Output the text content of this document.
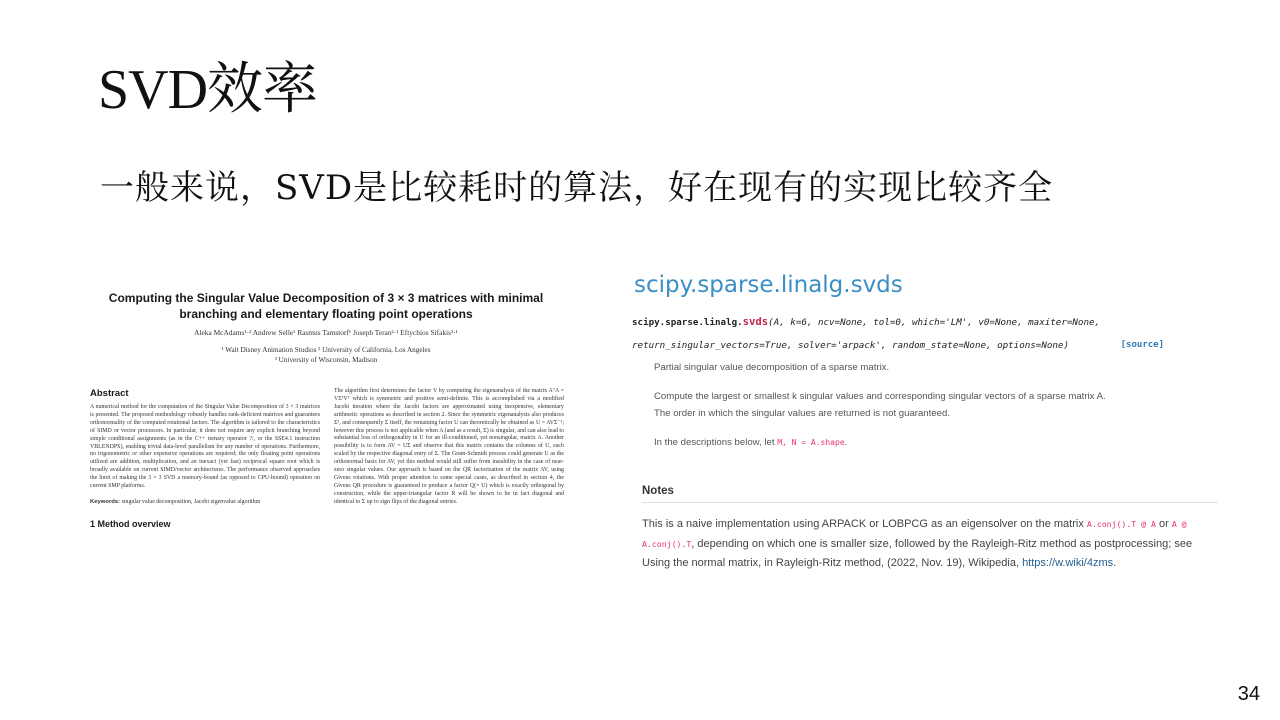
SVD效率

一般来说，SVD是比较耗时的算法，好在现有的实现比较齐全

Computing the Singular Value Decomposition of 3 × 3 matrices with minimal
branching and elementary floating point operations
Aleka McAdams¹·² Andrew Selle¹ Rasmus Tamstorf¹ Joseph Teran²·¹ Eftychios Sifakis³·¹
¹ Walt Disney Animation Studios ² University of California, Los Angeles
³ University of Wisconsin, Madison
Abstract

A numerical method for the computation of the Singular Value Decomposition of 3 × 3 matrices is presented. The proposed methodology robustly handles rank-deficient matrices and guarantees orthonormality of the computed rotational factors. The algorithm is tailored to the characteristics of SIMD or vector processors. In particular, it does not require any explicit branching beyond simple conditional assignments (as in the C++ ternary operator ?:, or the SSE4.1 instruction VBLENDPS), enabling trivial data-level parallelism for any number of operations. Furthermore, no trigonometric or other expensive operations are required; the only floating point operations utilized are addition, multiplication, and an inexact (yet fast) reciprocal square root which is broadly available on current SIMD/vector architectures. The performance observed approaches the limit of making the 3 × 3 SVD a memory-bound (as opposed to CPU-bound) operation on current SMP platforms.

Keywords: singular value decomposition, Jacobi eigenvalue algorithm
1 Method overview

The algorithm first determines the factor V by computing the eigenanalysis of the matrix AᵀA = VΣ²Vᵀ which is symmetric and positive semi-definite. This is accomplished via a modified Jacobi iteration where the Jacobi factors are approximated using inexpensive, elementary arithmetic operations as described in section 2. Since the symmetric eigenanalysis also produces Σ², and consequently Σ itself, the remaining factor U can theoretically be obtained as U = AVΣ⁻¹; however this process is not applicable when A (and as a result, Σ) is singular, and can also lead to substantial loss of orthogonality in U for an ill-conditioned, yet nonsingular, matrix A. Another possibility is to form AV = UΣ and observe that this matrix contains the columns of U, each scaled by the respective diagonal entry of Σ. The Gram-Schmidt process could generate U as the orthonormal basis for AV, yet this method would still suffer from instability in the case of near-zero singular values. Our approach is based on the QR factorization of the matrix AV, using Givens rotations. With proper attention to some special cases, as described in section 4, the Givens QR procedure is guaranteed to produce a factor Q(= U) which is exactly orthogonal by construction, while the upper-triangular factor R will be shown to be in fact diagonal and identical to Σ up to sign flips of the diagonal entries.

scipy.sparse.linalg.svds
scipy.sparse.linalg.svds(A, k=6, ncv=None, tol=0, which='LM', v0=None, maxiter=None,
return_singular_vectors=True, solver='arpack', random_state=None, options=None)	[source]

Partial singular value decomposition of a sparse matrix.

Compute the largest or smallest k singular values and corresponding singular vectors of a sparse matrix A.
The order in which the singular values are returned is not guaranteed.

In the descriptions below, let M, N = A.shape.

Notes
This is a naive implementation using ARPACK or LOBPCG as an eigensolver on the matrix A.conj().T @ A or A @ A.conj().T, depending on which one is smaller size, followed by the Rayleigh-Ritz method as postprocessing; see Using the normal matrix, in Rayleigh-Ritz method, (2022, Nov. 19), Wikipedia, https://w.wiki/4zms.
34
